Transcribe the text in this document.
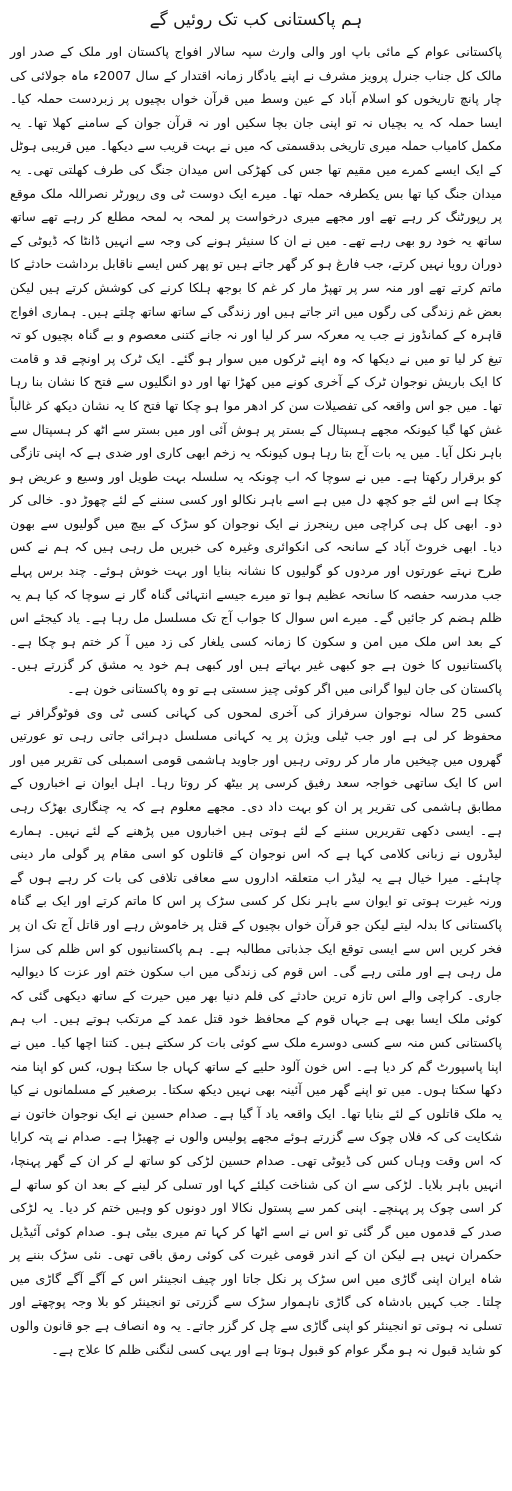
ہم پاکستانی کب تک روئیں گے

پاکستانی عوام کے مائی باپ اور والی وارث سپہ سالار افواج پاکستان اور ملک کے صدر اور مالک کل جناب جنرل پرویز مشرف نے اپنے یادگار زمانہ اقتدار کے سال 2007ء ماہ جولائی کی چار پانچ تاریخوں کو اسلام آباد کے عین وسط میں قرآن خواں بچیوں پر زبردست حملہ کیا۔ ایسا حملہ کہ یہ بچیاں نہ تو اپنی جان بچا سکیں اور نہ قرآن جوان کے سامنے کھلا تھا۔ یہ مکمل کامیاب حملہ میری تاریخی بدقسمتی کہ میں نے بہت قریب سے دیکھا۔ میں قریبی ہوٹل کے ایک ایسے کمرے میں مقیم تھا جس کی کھڑکی اس میدان جنگ کی طرف کھلتی تھی۔ یہ میدان جنگ کیا تھا بس یکطرفہ حملہ تھا۔ میرے ایک دوست ٹی وی رپورٹر نصراللہ ملک موقع پر رپورٹنگ کر رہے تھے اور مجھے میری درخواست پر لمحہ بہ لمحہ مطلع کر رہے تھے ساتھ ساتھ یہ خود رو بھی رہے تھے۔ میں نے ان کا سنیئر ہونے کی وجہ سے انہیں ڈانٹا کہ ڈیوٹی کے دوران رویا نہیں کرتے، جب فارغ ہو کر گھر جاتے ہیں تو پھر کس ایسے ناقابل برداشت حادثے کا ماتم کرتے تھے اور منہ سر پر تھپڑ مار کر غم کا بوجھ ہلکا کرنے کی کوشش کرتے ہیں لیکن بعض غم زندگی کی رگوں میں اتر جاتے ہیں اور زندگی کے ساتھ ساتھ چلتے ہیں۔ ہماری افواج قاہرہ کے کمانڈوز نے جب یہ معرکہ سر کر لیا اور نہ جانے کتنی معصوم و بے گناہ بچیوں کو تہ تیغ کر لیا تو میں نے دیکھا کہ وہ اپنے ٹرکوں میں سوار ہو گئے۔ ایک ٹرک پر اونچے قد و قامت کا ایک باریش نوجوان ٹرک کے آخری کونے میں کھڑا تھا اور دو انگلیوں سے فتح کا نشان بنا رہا تھا۔ میں جو اس واقعہ کی تفصیلات سن کر ادھر موا ہو چکا تھا فتح کا یہ نشان دیکھ کر غالباً غش کھا گیا کیونکہ مجھے ہسپتال کے بستر پر ہوش آئی اور میں بستر سے اٹھ کر ہسپتال سے باہر نکل آیا۔ میں یہ بات آج بتا رہا ہوں کیونکہ یہ زخم ابھی کاری اور ضدی ہے کہ اپنی تازگی کو برقرار رکھتا ہے۔ میں نے سوچا کہ اب چونکہ یہ سلسلہ بہت طویل اور وسیع و عریض ہو چکا ہے اس لئے جو کچھ دل میں ہے اسے باہر نکالو اور کسی سننے کے لئے چھوڑ دو۔ خالی کر دو۔ ابھی کل ہی کراچی میں رینجرز نے ایک نوجوان کو سڑک کے بیچ میں گولیوں سے بھون دیا۔ ابھی خروٹ آباد کے سانحہ کی انکوائری وغیرہ کی خبریں مل رہی ہیں کہ ہم نے کس طرح نہتے عورتوں اور مردوں کو گولیوں کا نشانہ بنایا اور بہت خوش ہوئے۔ چند برس پہلے جب مدرسہ حفصہ کا سانحہ عظیم ہوا تو میرے جیسے انتہائی گناہ گار نے سوچا کہ کیا ہم یہ ظلم ہضم کر جائیں گے۔ میرے اس سوال کا جواب آج تک مسلسل مل رہا ہے۔ یاد کیجئے اس کے بعد اس ملک میں امن و سکون کا زمانہ کسی یلغار کی زد میں آ کر ختم ہو چکا ہے۔ پاکستانیوں کا خون ہے جو کبھی غیر بہاتے ہیں اور کبھی ہم خود یہ مشق کر گزرتے ہیں۔ پاکستان کی جان لیوا گرانی میں اگر کوئی چیز سستی ہے تو وہ پاکستانی خون ہے۔

کسی 25 سالہ نوجوان سرفراز کی آخری لمحوں کی کہانی کسی ٹی وی فوٹوگرافر نے محفوظ کر لی ہے اور جب ٹیلی ویژن پر یہ کہانی مسلسل دہرائی جاتی رہی تو عورتیں گھروں میں چیخیں مار مار کر روتی رہیں اور جاوید ہاشمی قومی اسمبلی کی تقریر میں اور اس کا ایک ساتھی خواجہ سعد رفیق کرسی پر بیٹھ کر روتا رہا۔ اہل ایوان نے اخباروں کے مطابق ہاشمی کی تقریر پر ان کو بہت داد دی۔ مجھے معلوم ہے کہ یہ چنگاری بھڑک رہی ہے۔ ایسی دکھی تقریریں سننے کے لئے ہوتی ہیں اخباروں میں پڑھنے کے لئے نہیں۔ ہمارے لیڈروں نے زبانی کلامی کہا ہے کہ اس نوجوان کے قاتلوں کو اسی مقام پر گولی مار دینی چاہئے۔ میرا خیال ہے یہ لیڈر اب متعلقہ اداروں سے معافی تلافی کی بات کر رہے ہوں گے ورنہ غیرت ہوتی تو ایوان سے باہر نکل کر کسی سڑک پر اس کا ماتم کرتے اور ایک بے گناہ پاکستانی کا بدلہ لیتے لیکن جو قرآن خواں بچیوں کے قتل پر خاموش رہے اور قاتل آج تک ان پر فخر کریں اس سے ایسی توقع ایک جذباتی مطالبہ ہے۔ ہم پاکستانیوں کو اس ظلم کی سزا مل رہی ہے اور ملتی رہے گی۔ اس قوم کی زندگی میں اب سکون ختم اور عزت کا دیوالیہ جاری۔ کراچی والے اس تازہ ترین حادثے کی فلم دنیا بھر میں حیرت کے ساتھ دیکھی گئی کہ کوئی ملک ایسا بھی ہے جہاں قوم کے محافظ خود قتل عمد کے مرتکب ہوتے ہیں۔ اب ہم پاکستانی کس منہ سے کسی دوسرے ملک سے کوئی بات کر سکتے ہیں۔ کتنا اچھا کیا۔ میں نے اپنا پاسپورٹ گم کر دیا ہے۔ اس خون آلود حلیے کے ساتھ کہاں جا سکتا ہوں، کس کو اپنا منہ دکھا سکتا ہوں۔ میں تو اپنے گھر میں آئینہ بھی نہیں دیکھ سکتا۔ برصغیر کے مسلمانوں نے کیا یہ ملک قاتلوں کے لئے بنایا تھا۔ ایک واقعہ یاد آ گیا ہے۔ صدام حسین نے ایک نوجوان خاتون نے شکایت کی کہ فلاں چوک سے گزرتے ہوئے مجھے پولیس والوں نے چھیڑا ہے۔ صدام نے پتہ کرایا کہ اس وقت وہاں کس کی ڈیوٹی تھی۔ صدام حسین لڑکی کو ساتھ لے کر ان کے گھر پہنچا، انہیں باہر بلایا۔ لڑکی سے ان کی شناخت کیلئے کہا اور تسلی کر لینے کے بعد ان کو ساتھ لے کر اسی چوک پر پہنچے۔ اپنی کمر سے پستول نکالا اور دونوں کو وہیں ختم کر دیا۔ یہ لڑکی صدر کے قدموں میں گر گئی تو اس نے اسے اٹھا کر کہا تم میری بیٹی ہو۔ صدام کوئی آئیڈیل حکمران نہیں ہے لیکن ان کے اندر قومی غیرت کی کوئی رمق باقی تھی۔ نئی سڑک بننے پر شاہ ایران اپنی گاڑی میں اس سڑک پر نکل جاتا اور چیف انجینئر اس کے آگے آگے گاڑی میں چلتا۔ جب کہیں بادشاہ کی گاڑی ناہموار سڑک سے گزرتی تو انجینئر کو بلا وجہ پوچھتے اور تسلی نہ ہوتی تو انجینئر کو اپنی گاڑی سے چل کر گزر جاتے۔ یہ وہ انصاف ہے جو قانون والوں کو شاید قبول نہ ہو مگر عوام کو قبول ہوتا ہے اور یہی کسی لنگنی ظلم کا علاج ہے۔
